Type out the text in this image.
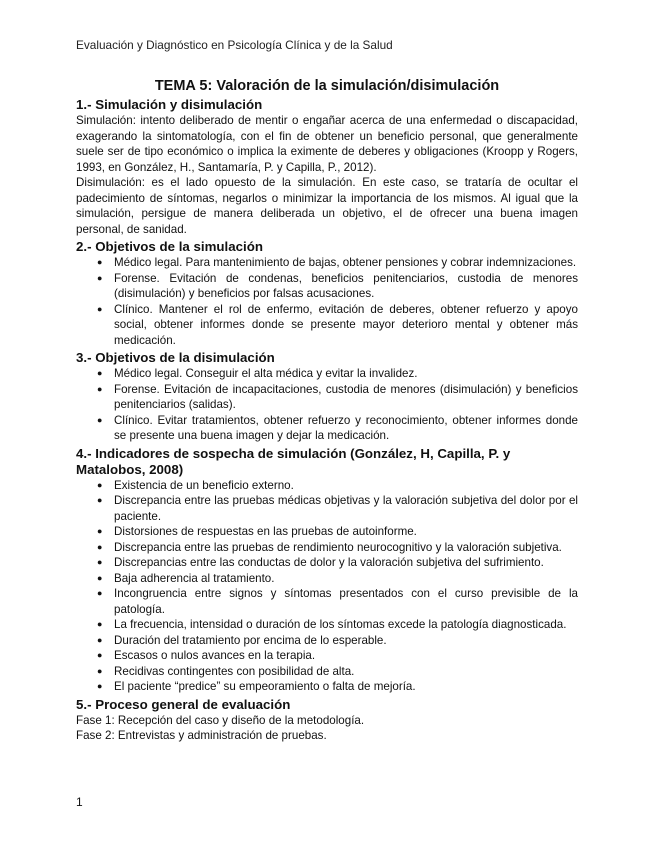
Evaluación y Diagnóstico en Psicología Clínica y de la Salud
TEMA 5: Valoración de la simulación/disimulación
1.- Simulación y disimulación

Simulación: intento deliberado de mentir o engañar acerca de una enfermedad o discapacidad, exagerando la sintomatología, con el fin de obtener un beneficio personal, que generalmente suele ser de tipo económico o implica la eximente de deberes y obligaciones (Kroopp y Rogers, 1993, en González, H., Santamaría, P. y Capilla, P., 2012).

Disimulación: es el lado opuesto de la simulación. En este caso, se trataría de ocultar el padecimiento de síntomas, negarlos o minimizar la importancia de los mismos. Al igual que la simulación, persigue de manera deliberada un objetivo, el de ofrecer una buena imagen personal, de sanidad.

2.- Objetivos de la simulación
● Médico legal. Para mantenimiento de bajas, obtener pensiones y cobrar indemnizaciones.
● Forense. Evitación de condenas, beneficios penitenciarios, custodia de menores (disimulación) y beneficios por falsas acusaciones.
● Clínico. Mantener el rol de enfermo, evitación de deberes, obtener refuerzo y apoyo social, obtener informes donde se presente mayor deterioro mental y obtener más medicación.
3.- Objetivos de la disimulación
● Médico legal. Conseguir el alta médica y evitar la invalidez.
● Forense. Evitación de incapacitaciones, custodia de menores (disimulación) y beneficios penitenciarios (salidas).
● Clínico. Evitar tratamientos, obtener refuerzo y reconocimiento, obtener informes donde se presente una buena imagen y dejar la medicación.
4.- Indicadores de sospecha de simulación (González, H, Capilla, P. y Matalobos, 2008)
● Existencia de un beneficio externo.
● Discrepancia entre las pruebas médicas objetivas y la valoración subjetiva del dolor por el paciente.
● Distorsiones de respuestas en las pruebas de autoinforme.
● Discrepancia entre las pruebas de rendimiento neurocognitivo y la valoración subjetiva.
● Discrepancias entre las conductas de dolor y la valoración subjetiva del sufrimiento.
● Baja adherencia al tratamiento.
● Incongruencia entre signos y síntomas presentados con el curso previsible de la patología.
● La frecuencia, intensidad o duración de los síntomas excede la patología diagnosticada.
● Duración del tratamiento por encima de lo esperable.
● Escasos o nulos avances en la terapia.
● Recidivas contingentes con posibilidad de alta.
● El paciente “predice” su empeoramiento o falta de mejoría.
5.- Proceso general de evaluación

Fase 1: Recepción del caso y diseño de la metodología.

Fase 2: Entrevistas y administración de pruebas.

1
